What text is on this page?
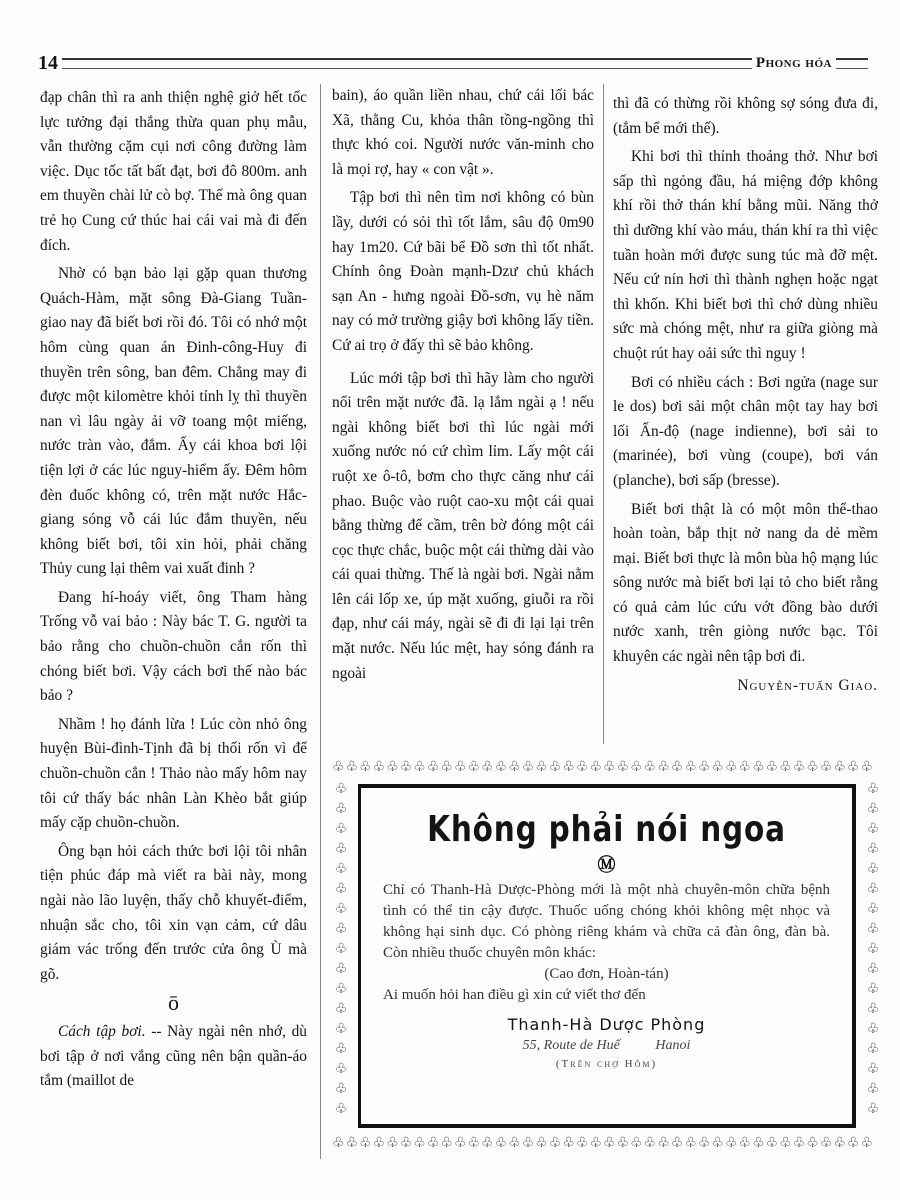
14	Phong hóa

đạp chân thì ra anh thiện nghệ giở hết tốc lực tưởng đại thắng thừa quan phụ mẫu, vẫn thường cặm cụi nơi công đường làm việc. Dục tốc tất bất đạt, bơi đô 800m. anh em thuyền chài lử cò bợ. Thế mà ông quan trẻ họ Cung cứ thúc hai cái vai mà đi đến đích.

Nhờ có bạn bảo lại gặp quan thương Quách-Hàm, mặt sông Đà-Giang Tuần-giao nay đã biết bơi rồi đó. Tôi có nhớ một hôm cùng quan án Đinh-công-Huy đi thuyền trên sông, ban đêm. Chẳng may đi được một kilomètre khỏi tỉnh lỵ thì thuyền nan vì lâu ngày ải vỡ toang một miếng, nước tràn vào, đắm. Ấy cái khoa bơi lội tiện lợi ở các lúc nguy-hiểm ấy. Đêm hôm đèn đuốc không có, trên mặt nước Hắc-giang sóng vỗ cái lúc đắm thuyền, nếu không biết bơi, tôi xin hỏi, phải chăng Thủy cung lại thêm vai xuất đinh ?

Đang hí-hoáy viết, ông Tham hàng Trống vỗ vai bảo : Này bác T. G. người ta bảo rằng cho chuồn-chuồn cắn rốn thì chóng biết bơi. Vậy cách bơi thế nào bác bảo ?

Nhầm ! họ đánh lừa ! Lúc còn nhỏ ông huyện Bùi-đình-Tịnh đã bị thối rốn vì để chuồn-chuồn cắn ! Thảo nào mấy hôm nay tôi cứ thấy bác nhân Làn Khèo bắt giúp mấy cặp chuồn-chuồn.

Ông bạn hỏi cách thức bơi lội tôi nhân tiện phúc đáp mà viết ra bài này, mong ngài nào lão luyện, thấy chỗ khuyết-điểm, nhuận sắc cho, tôi xin vạn cảm, cứ dâu giám vác trống đến trước cửa ông Ù mà gõ.

ō

Cách tập bơi. -- Này ngài nên nhớ, dù bơi tập ở nơi vắng cũng nên bận quần-áo tắm (maillot de

bain), áo quần liền nhau, chứ cái lối bác Xã, thằng Cu, khỏa thân tồng-ngồng thì thực khó coi. Người nước văn-minh cho là mọi rợ, hay « con vật ».

Tập bơi thì nên tìm nơi không có bùn lầy, dưới có sỏi thì tốt lắm, sâu độ 0m90 hay 1m20. Cứ bãi bể Đồ sơn thì tốt nhất. Chính ông Đoàn mạnh-Dzư chủ khách sạn An - hưng ngoài Đồ-sơn, vụ hè năm nay có mở trường giậy bơi không lấy tiền. Cứ ai trọ ở đấy thì sẽ bảo không.

Lúc mới tập bơi thì hãy làm cho người nổi trên mặt nước đã. lạ lắm ngài ạ ! nếu ngài không biết bơi thì lúc ngài mới xuống nước nó cứ chìm lỉm. Lấy một cái ruột xe ô-tô, bơm cho thực căng như cái phao. Buộc vào ruột cao-xu một cái quai bằng thừng để cầm, trên bờ đóng một cái cọc thực chắc, buộc một cái thừng dài vào cái quai thừng. Thế là ngài bơi. Ngài nằm lên cái lốp xe, úp mặt xuống, giuỗi ra rồi đạp, như cái máy, ngài sẽ đi đi lại lại trên mặt nước. Nếu lúc mệt, hay sóng đánh ra ngoài

thì đã có thừng rồi không sợ sóng đưa đi,(tắm bể mới thế).

Khi bơi thì thỉnh thoảng thở. Như bơi sấp thì ngỏng đầu, há miệng đớp không khí rồi thở thán khí bằng mũi. Năng thở thì dưỡng khí vào máu, thán khí ra thì việc tuần hoàn mới được sung túc mà đỡ mệt. Nếu cứ nín hơi thì thành nghẹn hoặc ngạt thì khốn. Khi biết bơi thì chớ dùng nhiều sức mà chóng mệt, như ra giữa giòng mà chuột rút hay oải sức thì nguy !

Bơi có nhiều cách : Bơi ngửa (nage sur le dos) bơi sải một chân một tay hay bơi lối Ấn-độ (nage indienne), bơi sải to (marinée), bơi vùng (coupe), bơi ván (planche), bơi sấp (bresse).

Biết bơi thật là có một môn thể-thao hoàn toàn, bắp thịt nở nang da dẻ mềm mại. Biết bơi thực là môn bùa hộ mạng lúc sông nước mà biết bơi lại tỏ cho biết rằng có quả cảm lúc cứu vớt đồng bào dưới nước xanh, trên giòng nước bạc. Tôi khuyên các ngài nên tập bơi đi.

Nguyễn-tuấn Giao.

♧♧♧♧♧♧♧♧♧♧♧♧♧♧♧♧♧♧♧♧♧♧♧♧♧♧♧♧♧♧♧♧♧♧♧♧♧♧♧♧
♧♧♧♧♧♧♧♧♧♧♧♧♧♧♧♧♧♧♧♧♧♧♧♧♧♧♧♧♧♧♧♧♧♧♧♧♧♧♧♧
♧
♧
♧
♧
♧
♧
♧
♧
♧
♧
♧
♧
♧
♧
♧
♧
♧

♧
♧
♧
♧
♧
♧
♧
♧
♧
♧
♧
♧
♧
♧
♧
♧
♧

Không phải nói ngoa
Ⓜ
Chỉ có Thanh-Hà Dược-Phòng mới là một nhà chuyên-môn chữa bệnh tình có thể tin cậy được. Thuốc uống chóng khỏi không mệt nhọc và không hại sinh dục. Có phòng riêng khám và chữa cả đàn ông, đàn bà. Còn nhiều thuốc chuyên môn khác:
(Cao đơn, Hoàn-tán)
Ai muốn hỏi han điều gì xin cứ viết thơ đến
Thanh-Hà Dược Phòng
55, Route de Huế	Hanoi
(Trên chợ Hôm)
